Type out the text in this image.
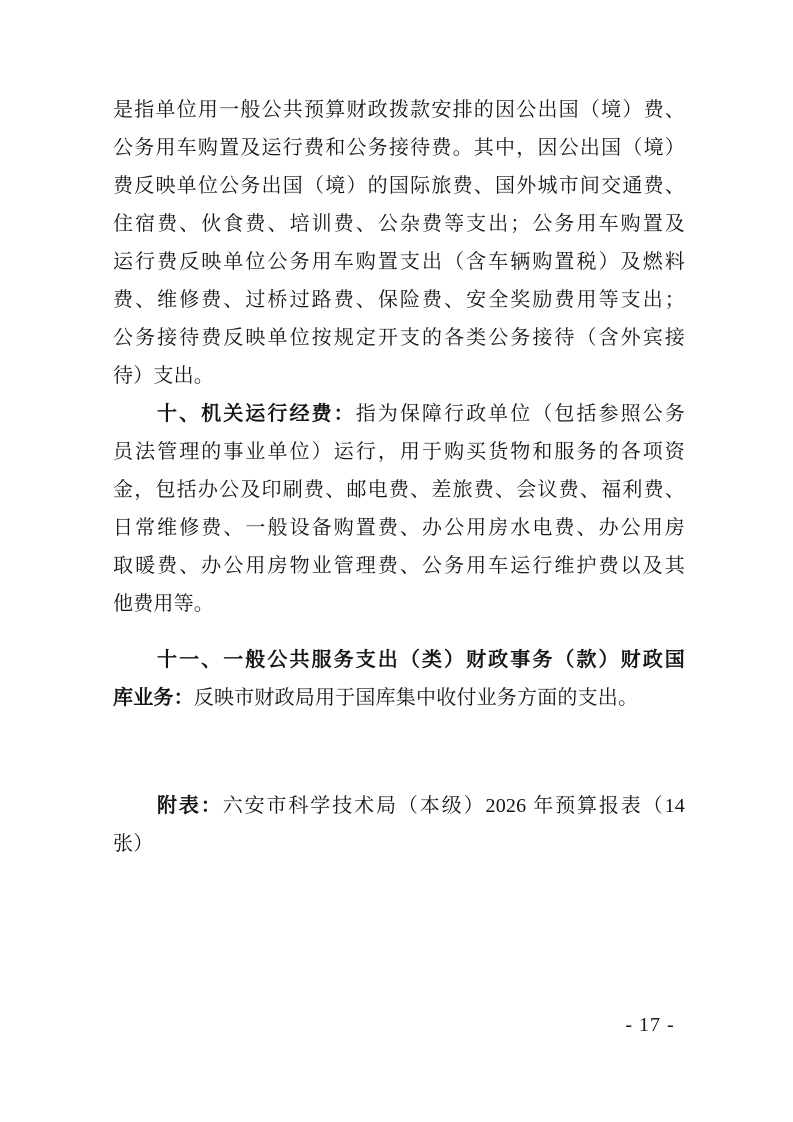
是指单位用一般公共预算财政拨款安排的因公出国（境）费、
公务用车购置及运行费和公务接待费。其中，因公出国（境）
费反映单位公务出国（境）的国际旅费、国外城市间交通费、
住宿费、伙食费、培训费、公杂费等支出；公务用车购置及
运行费反映单位公务用车购置支出（含车辆购置税）及燃料
费、维修费、过桥过路费、保险费、安全奖励费用等支出；
公务接待费反映单位按规定开支的各类公务接待（含外宾接
待）支出。
十、机关运行经费：指为保障行政单位（包括参照公务
员法管理的事业单位）运行，用于购买货物和服务的各项资
金，包括办公及印刷费、邮电费、差旅费、会议费、福利费、
日常维修费、一般设备购置费、办公用房水电费、办公用房
取暖费、办公用房物业管理费、公务用车运行维护费以及其
他费用等。
十一、一般公共服务支出（类）财政事务（款）财政国
库业务：反映市财政局用于国库集中收付业务方面的支出。
附表：六安市科学技术局（本级）2026 年预算报表（14
张）
- 17 -
